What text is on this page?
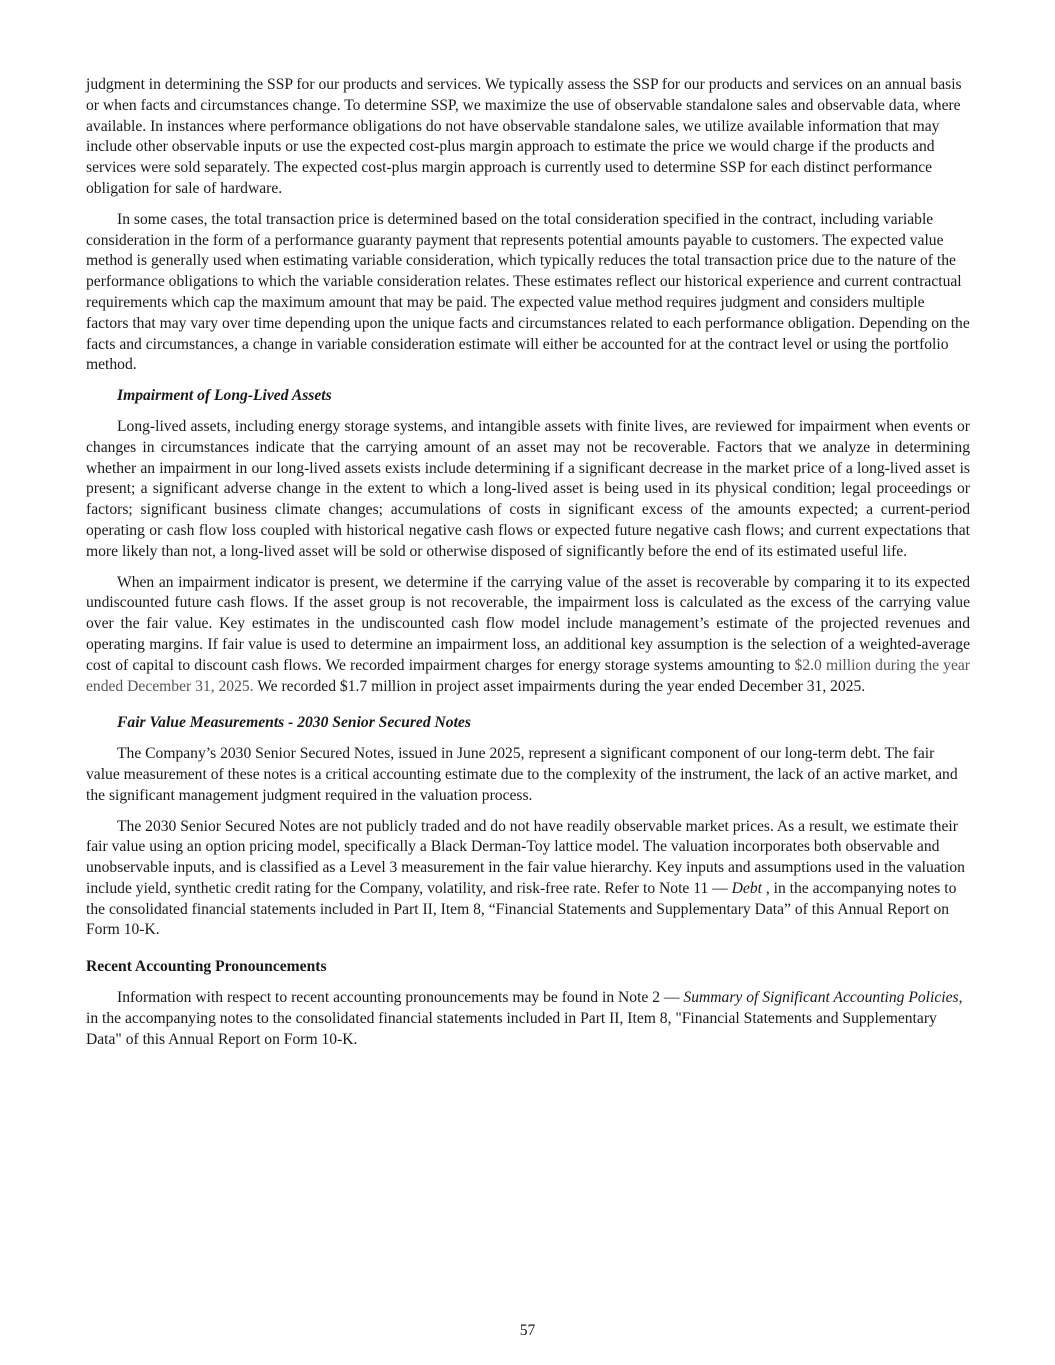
judgment in determining the SSP for our products and services. We typically assess the SSP for our products and services on an annual basis or when facts and circumstances change. To determine SSP, we maximize the use of observable standalone sales and observable data, where available. In instances where performance obligations do not have observable standalone sales, we utilize available information that may include other observable inputs or use the expected cost-plus margin approach to estimate the price we would charge if the products and services were sold separately. The expected cost-plus margin approach is currently used to determine SSP for each distinct performance obligation for sale of hardware.

In some cases, the total transaction price is determined based on the total consideration specified in the contract, including variable consideration in the form of a performance guaranty payment that represents potential amounts payable to customers. The expected value method is generally used when estimating variable consideration, which typically reduces the total transaction price due to the nature of the performance obligations to which the variable consideration relates. These estimates reflect our historical experience and current contractual requirements which cap the maximum amount that may be paid. The expected value method requires judgment and considers multiple factors that may vary over time depending upon the unique facts and circumstances related to each performance obligation. Depending on the facts and circumstances, a change in variable consideration estimate will either be accounted for at the contract level or using the portfolio method.

Impairment of Long-Lived Assets

Long-lived assets, including energy storage systems, and intangible assets with finite lives, are reviewed for impairment when events or changes in circumstances indicate that the carrying amount of an asset may not be recoverable. Factors that we analyze in determining whether an impairment in our long-lived assets exists include determining if a significant decrease in the market price of a long-lived asset is present; a significant adverse change in the extent to which a long-lived asset is being used in its physical condition; legal proceedings or factors; significant business climate changes; accumulations of costs in significant excess of the amounts expected; a current-period operating or cash flow loss coupled with historical negative cash flows or expected future negative cash flows; and current expectations that more likely than not, a long-lived asset will be sold or otherwise disposed of significantly before the end of its estimated useful life.

When an impairment indicator is present, we determine if the carrying value of the asset is recoverable by comparing it to its expected undiscounted future cash flows. If the asset group is not recoverable, the impairment loss is calculated as the excess of the carrying value over the fair value. Key estimates in the undiscounted cash flow model include management’s estimate of the projected revenues and operating margins. If fair value is used to determine an impairment loss, an additional key assumption is the selection of a weighted-average cost of capital to discount cash flows. We recorded impairment charges for energy storage systems amounting to $2.0 million during the year ended December 31, 2025. We recorded $1.7 million in project asset impairments during the year ended December 31, 2025.

Fair Value Measurements - 2030 Senior Secured Notes

The Company’s 2030 Senior Secured Notes, issued in June 2025, represent a significant component of our long-term debt. The fair value measurement of these notes is a critical accounting estimate due to the complexity of the instrument, the lack of an active market, and the significant management judgment required in the valuation process.

The 2030 Senior Secured Notes are not publicly traded and do not have readily observable market prices. As a result, we estimate their fair value using an option pricing model, specifically a Black Derman-Toy lattice model. The valuation incorporates both observable and unobservable inputs, and is classified as a Level 3 measurement in the fair value hierarchy. Key inputs and assumptions used in the valuation include yield, synthetic credit rating for the Company, volatility, and risk-free rate. Refer to Note 11 — Debt , in the accompanying notes to the consolidated financial statements included in Part II, Item 8, “Financial Statements and Supplementary Data” of this Annual Report on Form 10-K.

Recent Accounting Pronouncements

Information with respect to recent accounting pronouncements may be found in Note 2 — Summary of Significant Accounting Policies, in the accompanying notes to the consolidated financial statements included in Part II, Item 8, "Financial Statements and Supplementary Data" of this Annual Report on Form 10-K.

57
